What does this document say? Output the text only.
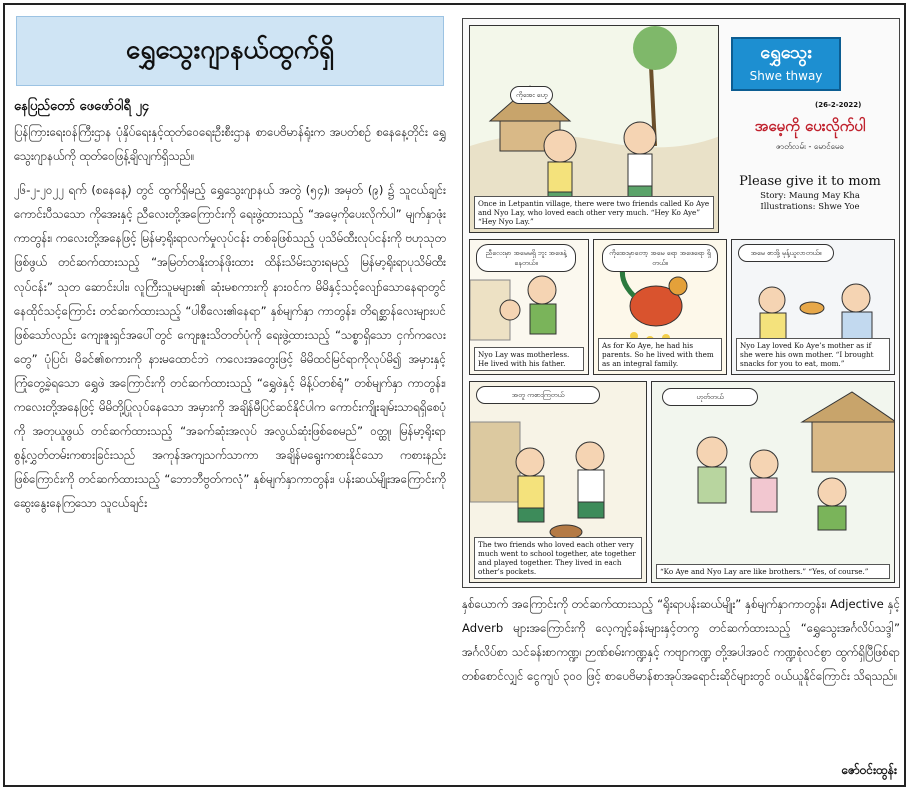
ရွှေသွေးဂျာနယ်ထွက်ရှိ
နေပြည်တော် ဖေဖော်ဝါရီ ၂၄

ပြန်ကြားရေးဝန်ကြီးဌာန ပုံနှိပ်ရေးနှင့်ထုတ်ဝေရေးဦးစီးဌာန စာပေဗိမာန်ရုံးက အပတ်စဉ် စနေနေ့တိုင်း ရွှေသွေးဂျာနယ်ကို ထုတ်ဝေဖြန့်ချိလျက်ရှိသည်။

၂၆-၂-၂၀၂၂ ရက် (စနေနေ့) တွင် ထွက်ရှိမည့် ရွှေသွေးဂျာနယ် အတွဲ (၅၄)၊ အမှတ် (၉) ၌ သူငယ်ချင်းကောင်းပီသသော ကိုအေးနှင့် ညီလေးတို့အကြောင်းကို ရေးဖွဲ့ထားသည့် “အမေ့ကိုပေးလိုက်ပါ” မျက်နှာဖုံးကာတွန်း၊ ကလေးတို့အနေဖြင့် မြန်မာ့ရိုးရာလက်မှုလုပ်ငန်း တစ်ခုဖြစ်သည့် ပုသိမ်ထီးလုပ်ငန်းကို ဗဟုသုတဖြစ်ဖွယ် တင်ဆက်ထားသည့် “အမြတ်တနိုးတန်ဖိုးထား ထိန်းသိမ်းသွားရမည့် မြန်မာ့ရိုးရာပုသိမ်ထီးလုပ်ငန်း” သုတ ဆောင်းပါး၊ လူကြီးသူမများ၏ ဆုံးမစကားကို နားဝင်က မိမိနှင့်သင့်လျော်သောနေရာတွင် နေထိုင်သင့်ကြောင်း တင်ဆက်ထားသည့် “ပါစီလေး၏နေရာ” နှစ်မျက်နှာ ကာတွန်း၊ တိရစ္ဆာန်လေးများပင်ဖြစ်သော်လည်း ကျေးဇူးရှင်အပေါ်တွင် ကျေးဇူးသိတတ်ပုံကို ရေးဖွဲ့ထားသည့် “သစ္စာရှိသော ငှက်ကလေးတွေ” ပုံပြင်၊ မိခင်၏စကားကို နားမထောင်ဘဲ ကလေးအတွေးဖြင့် မိမိထင်မြင်ရာကိုလုပ်မိ၍ အမှားနှင့် ကြုံတွေ့ခဲ့ရသော ရွှေဖဲ အကြောင်းကို တင်ဆက်ထားသည့် “ရွှေဖဲနှင့် မိန့်ပ်တစ်ရုံ” တစ်မျက်နှာ ကာတွန်း၊ ကလေးတို့အနေဖြင့် မိမိတို့ပြုလုပ်နေသော အမှားကို အချိန်မီပြင်ဆင်နိုင်ပါက ကောင်းကျိုးချမ်းသာရရှိစေပုံကို အတုယူဖွယ် တင်ဆက်ထားသည့် “အခက်ဆုံးအလုပ် အလွယ်ဆုံးဖြစ်စေမည်” ဝတ္ထု၊ မြန်မာ့ရိုးရာ စွန့်လွှတ်တမ်းကစားခြင်းသည် အကုန်အကျသက်သာကာ အချိန်မရွေးကစားနိုင်သော ကစားနည်းဖြစ်ကြောင်းကို တင်ဆက်ထားသည့် “ဘောဘီဗွတ်ကလုံ” နှစ်မျက်နှာကာတွန်း၊ ပန်းဆယ်မျိုးအကြောင်းကို ဆွေးနွေးနေကြသော သူငယ်ချင်း

ကိုအေး ဟေ့
Once in Letpantin village, there were two friends called Ko Aye and Nyo Lay, who loved each other very much. “Hey Ko Aye” “Hey Nyo Lay.”
ရွှေသွေး
Shwe thway
(26-2-2022)
အမေ့ကို ပေးလိုက်ပါ
ဇာတ်လမ်း - မောင်မေခ
Please give it to mom
Story: Maung May Kha
Illustrations: Shwe Yoe
ညီလေးမှာ အမေမရှိ ဘူး အဖေနဲ့ နေတယ်။
Nyo Lay was motherless. He lived with his father.
ကိုအေးမှာတော့ အမေ ရော အဖေရော ရှိတယ်။
As for Ko Aye, he had his parents. So he lived with them as an integral family.
အမေ စားဖို့ မုန့်ယူလာတယ်။
Nyo Lay loved Ko Aye’s mother as if she were his own mother. “I brought snacks for you to eat, mom.”
အတူ ကစားကြတယ်
The two friends who loved each other very much went to school together, ate together and played together. They lived in each other’s pockets.
ဟုတ်တယ်
“Ko Aye and Nyo Lay are like brothers.” “Yes, of course.”
နှစ်ယောက် အကြောင်းကို တင်ဆက်ထားသည့် “ရိုးရာပန်းဆယ်မျိုး” နှစ်မျက်နှာကာတွန်း၊ Adjective နှင့် Adverb များအကြောင်းကို လေ့ကျင့်ခန်းများနှင့်တကွ တင်ဆက်ထားသည့် “ရွှေသွေးအင်္ဂလိပ်သဒ္ဒါ” အင်္ဂလိပ်စာ သင်ခန်းစာကဏ္ဍ၊ ဉာဏ်စမ်းကဏ္ဍနှင့် ကဗျာကဏ္ဍ တို့အပါအဝင် ကဏ္ဍစုံလင်စွာ ထွက်ရှိပြီဖြစ်ရာ တစ်စောင်လျှင် ငွေကျပ် ၃၀၀ ဖြင့် စာပေဗိမာန်စာအုပ်အရောင်းဆိုင်များတွင် ဝယ်ယူနိုင်ကြောင်း သိရသည်။
ဇော်ဝင်းထွန်း
